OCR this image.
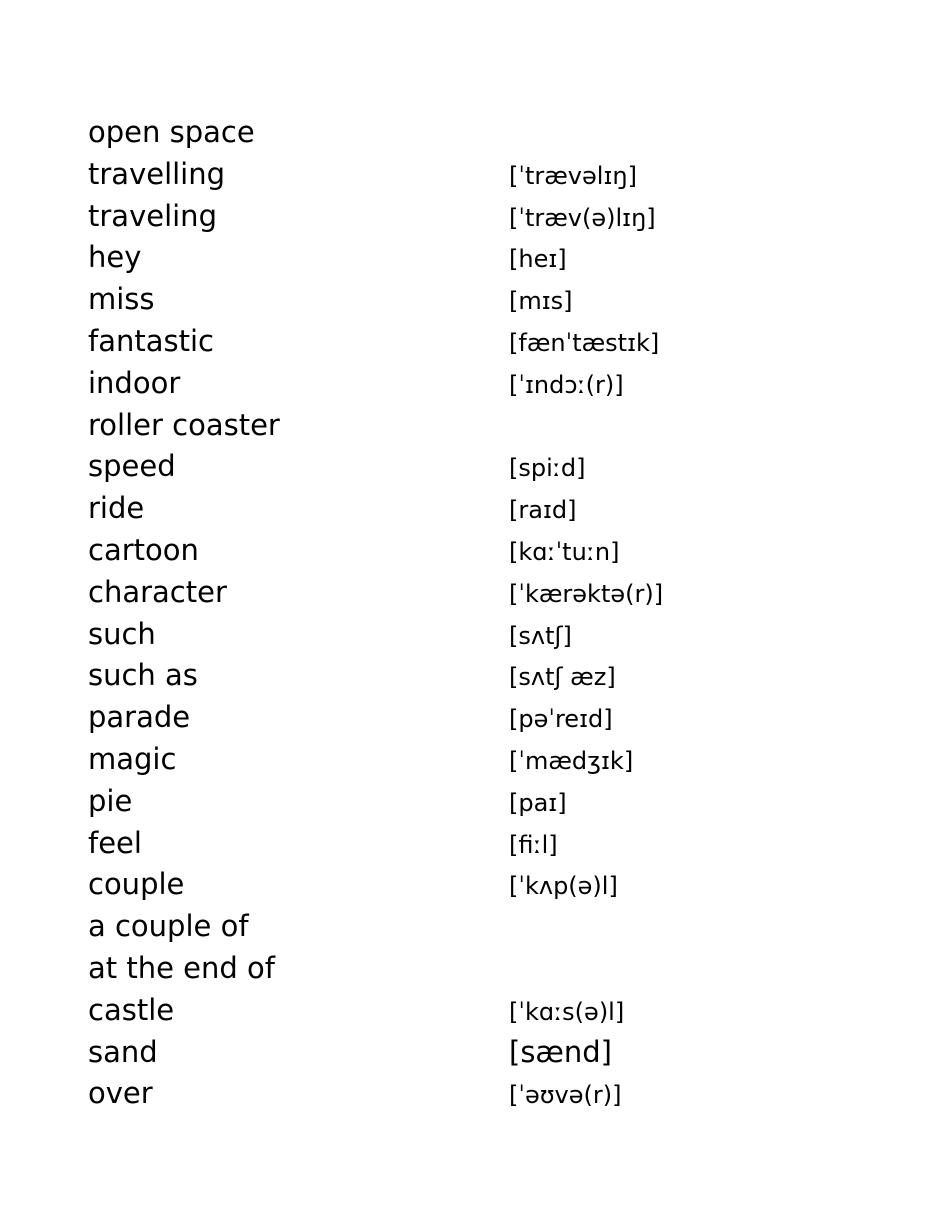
open space
travelling	[ˈtrævəlɪŋ]
traveling	[ˈtræv(ə)lɪŋ]
hey	[heɪ]
miss	[mɪs]
fantastic	[fænˈtæstɪk]
indoor	[ˈɪndɔː(r)]
roller coaster
speed	[spiːd]
ride	[raɪd]
cartoon	[kɑːˈtuːn]
character	[ˈkærəktə(r)]
such	[sʌtʃ]
such as	[sʌtʃ æz]
parade	[pəˈreɪd]
magic	[ˈmædʒɪk]
pie	[paɪ]
feel	[fiːl]
couple	[ˈkʌp(ə)l]
a couple of
at the end of
castle	[ˈkɑːs(ə)l]
sand	[sænd]
over	[ˈəʊvə(r)]
